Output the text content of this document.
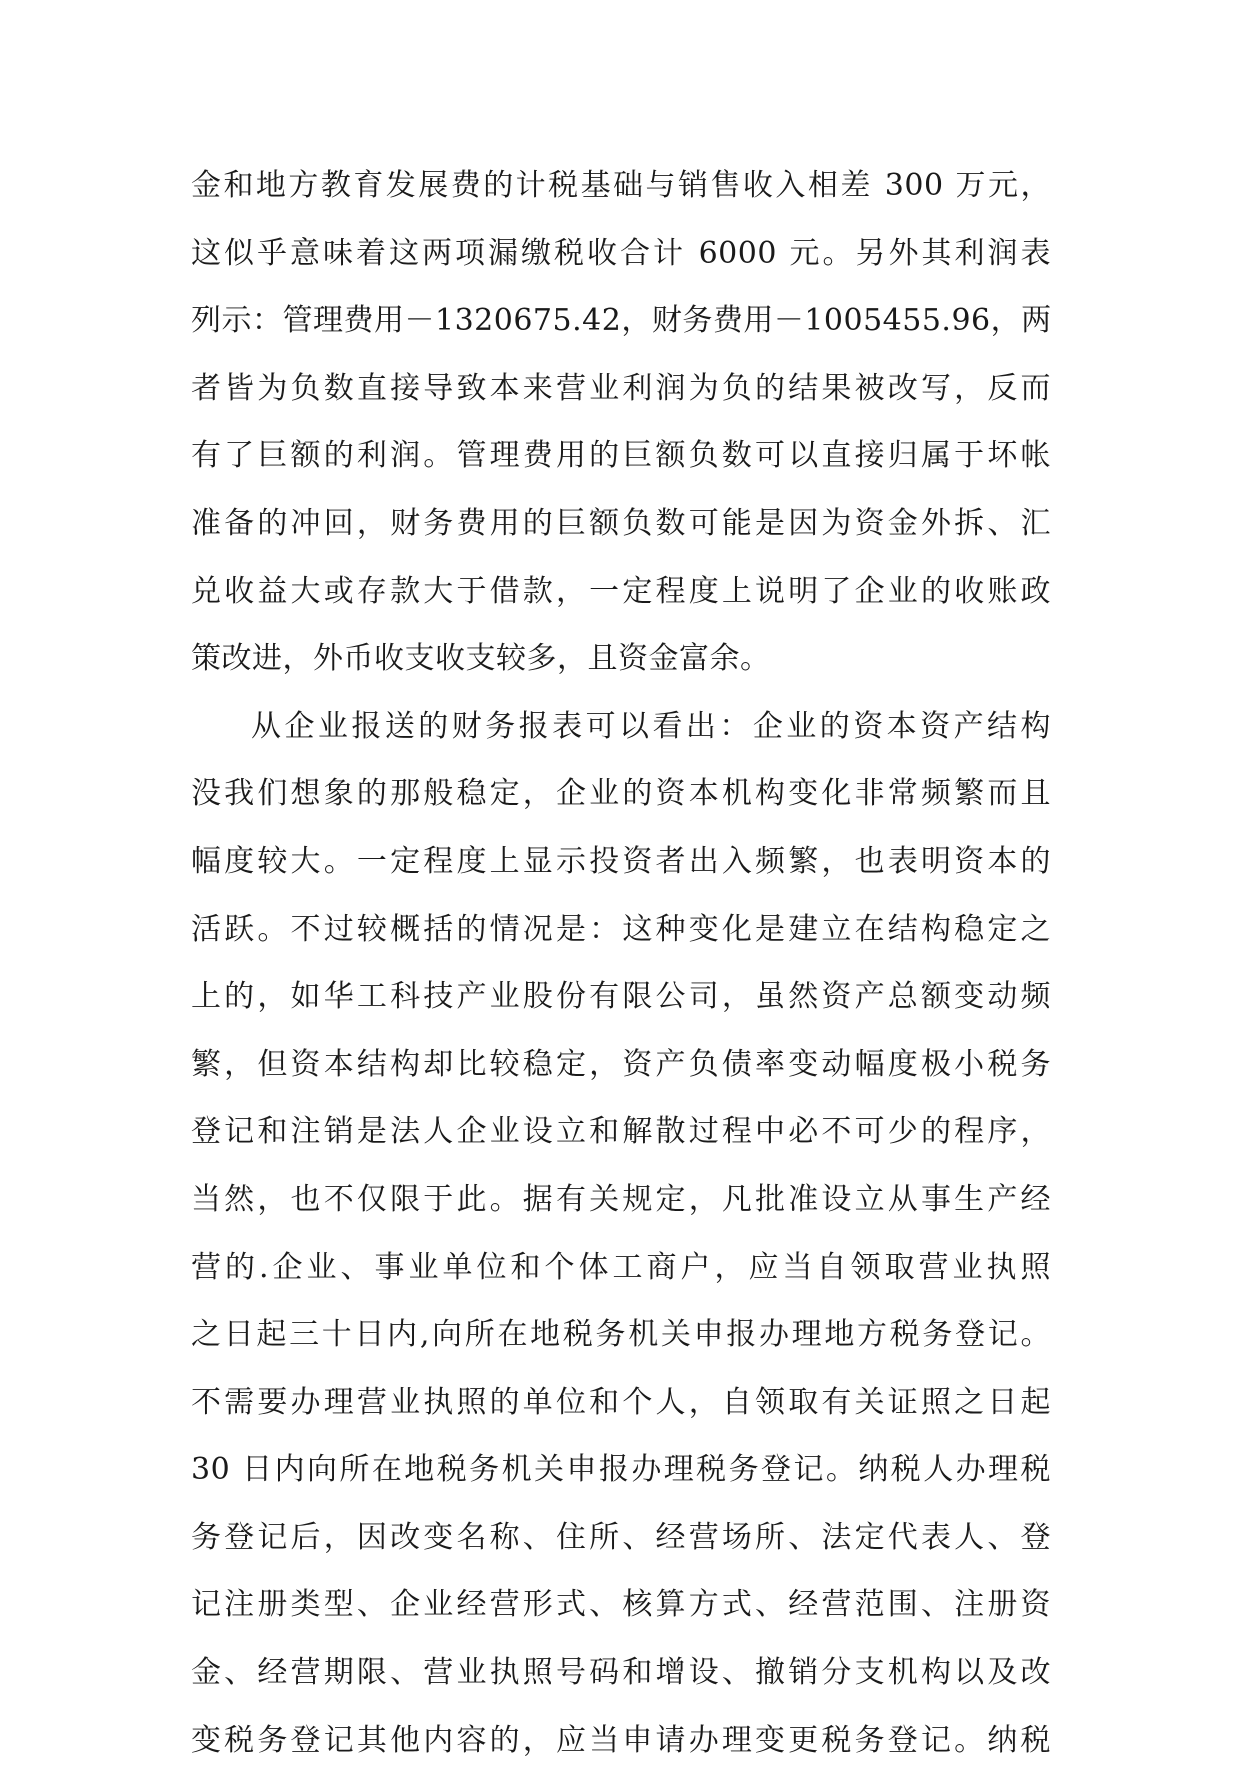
金和地方教育发展费的计税基础与销售收入相差 300 万元，
这似乎意味着这两项漏缴税收合计 6000 元。另外其利润表
列示：管理费用－1320675.42，财务费用－1005455.96，两
者皆为负数直接导致本来营业利润为负的结果被改写，反而
有了巨额的利润。管理费用的巨额负数可以直接归属于坏帐
准备的冲回，财务费用的巨额负数可能是因为资金外拆、汇
兑收益大或存款大于借款，一定程度上说明了企业的收账政
策改进，外币收支收支较多，且资金富余。
从企业报送的财务报表可以看出：企业的资本资产结构
没我们想象的那般稳定，企业的资本机构变化非常频繁而且
幅度较大。一定程度上显示投资者出入频繁，也表明资本的
活跃。不过较概括的情况是：这种变化是建立在结构稳定之
上的，如华工科技产业股份有限公司，虽然资产总额变动频
繁，但资本结构却比较稳定，资产负债率变动幅度极小税务
登记和注销是法人企业设立和解散过程中必不可少的程序，
当然，也不仅限于此。据有关规定，凡批准设立从事生产经
营的.企业、事业单位和个体工商户，应当自领取营业执照
之日起三十日内,向所在地税务机关申报办理地方税务登记。
不需要办理营业执照的单位和个人，自领取有关证照之日起
30 日内向所在地税务机关申报办理税务登记。纳税人办理税
务登记后，因改变名称、住所、经营场所、法定代表人、登
记注册类型、企业经营形式、核算方式、经营范围、注册资
金、经营期限、营业执照号码和增设、撤销分支机构以及改
变税务登记其他内容的，应当申请办理变更税务登记。纳税
